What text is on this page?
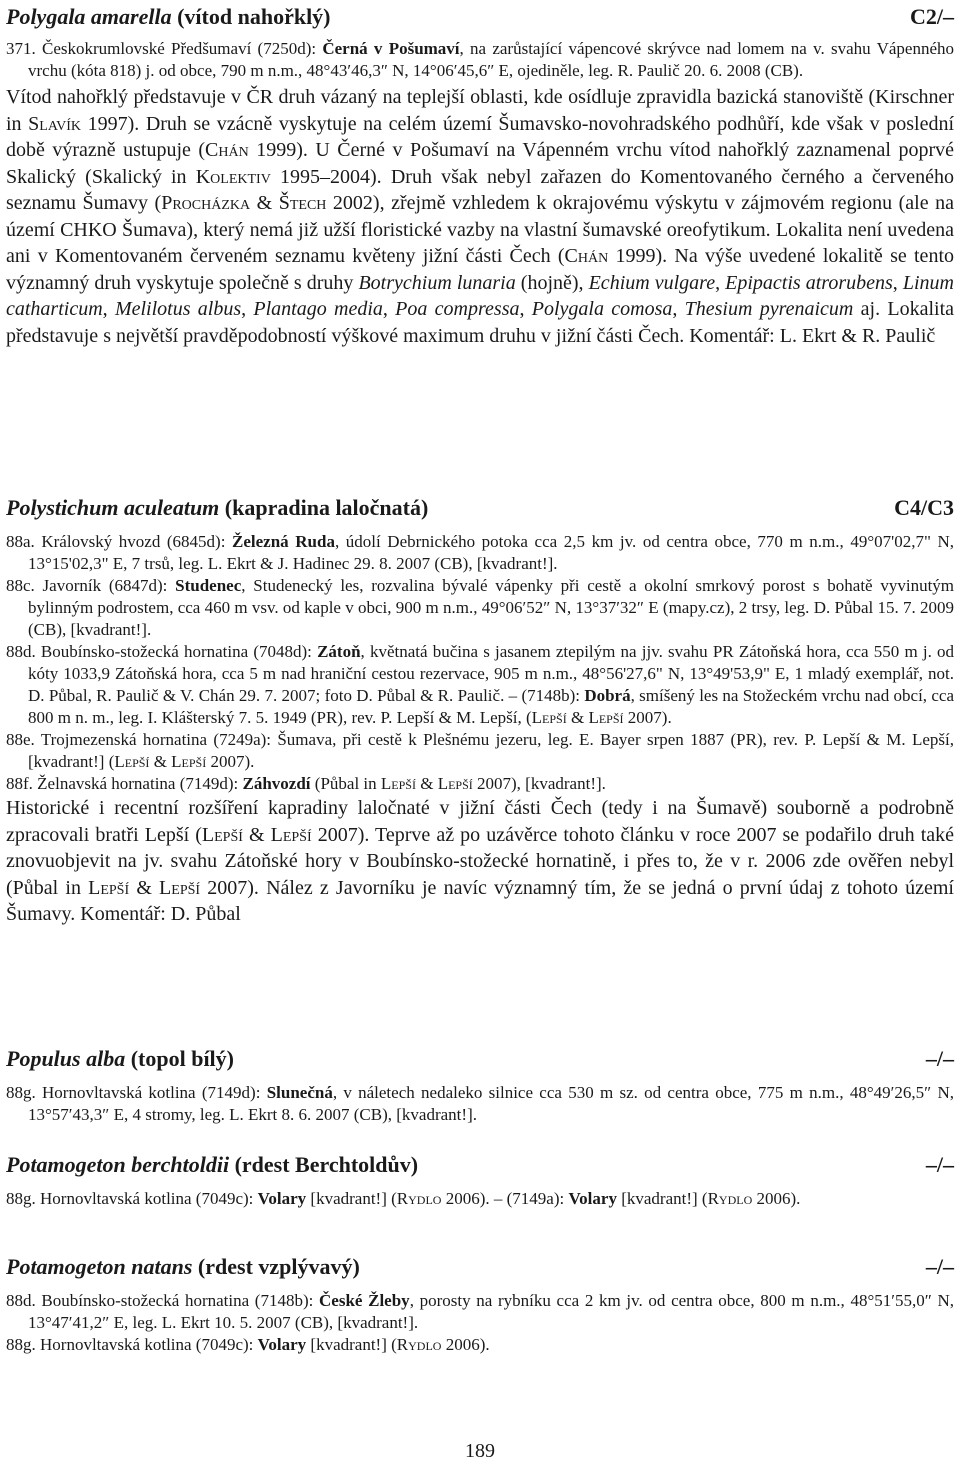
Polygala amarella (vítod nahořklý)	C2/–
371. Českokrumlovské Předšumaví (7250d): Černá v Pošumaví, na zarůstající vápencové skrývce nad lomem na v. svahu Vápenného vrchu (kóta 818) j. od obce, 790 m n.m., 48°43′46,3″ N, 14°06′45,6″ E, ojediněle, leg. R. Paulič 20. 6. 2008 (CB).
Vítod nahořklý představuje v ČR druh vázaný na teplejší oblasti, kde osídluje zpravidla bazická stanoviště (Kirschner in Slavík 1997). Druh se vzácně vyskytuje na celém území Šumavsko-novohradského podhůří, kde však v poslední době výrazně ustupuje (Chán 1999). U Černé v Pošumaví na Vápenném vrchu vítod nahořklý zaznamenal poprvé Skalický (Skalický in Kolektiv 1995–2004). Druh však nebyl zařazen do Komentovaného černého a červeného seznamu Šumavy (Procházka & Štech 2002), zřejmě vzhledem k okrajovému výskytu v zájmovém regionu (ale na území CHKO Šumava), který nemá již užší floristické vazby na vlastní šumavské oreofytikum. Lokalita není uvedena ani v Komentovaném červeném seznamu květeny jižní části Čech (Chán 1999). Na výše uvedené lokalitě se tento významný druh vyskytuje společně s druhy Botrychium lunaria (hojně), Echium vulgare, Epipactis atrorubens, Linum catharticum, Melilotus albus, Plantago media, Poa compressa, Polygala comosa, Thesium pyrenaicum aj. Lokalita představuje s největší pravděpodobností výškové maximum druhu v jižní části Čech. Komentář: L. Ekrt & R. Paulič
Polystichum aculeatum (kapradina laločnatá)	C4/C3
88a. Královský hvozd (6845d): Železná Ruda, údolí Debrnického potoka cca 2,5 km jv. od centra obce, 770 m n.m., 49°07'02,7" N, 13°15'02,3" E, 7 trsů, leg. L. Ekrt & J. Hadinec 29. 8. 2007 (CB), [kvadrant!].
88c. Javorník (6847d): Studenec, Studenecký les, rozvalina bývalé vápenky při cestě a okolní smrkový porost s bohatě vyvinutým bylinným podrostem, cca 460 m vsv. od kaple v obci, 900 m n.m., 49°06′52″ N, 13°37′32″ E (mapy.cz), 2 trsy, leg. D. Půbal 15. 7. 2009 (CB), [kvadrant!].
88d. Boubínsko-stožecká hornatina (7048d): Zátoň, květnatá bučina s jasanem ztepilým na jjv. svahu PR Zátoňská hora, cca 550 m j. od kóty 1033,9 Zátoňská hora, cca 5 m nad hraniční cestou rezervace, 905 m n.m., 48°56'27,6" N, 13°49'53,9" E, 1 mladý exemplář, not. D. Půbal, R. Paulič & V. Chán 29. 7. 2007; foto D. Půbal & R. Paulič. – (7148b): Dobrá, smíšený les na Stožeckém vrchu nad obcí, cca 800 m n. m., leg. I. Klášterský 7. 5. 1949 (PR), rev. P. Lepší & M. Lepší, (Lepší & Lepší 2007).
88e. Trojmezenská hornatina (7249a): Šumava, při cestě k Plešnému jezeru, leg. E. Bayer srpen 1887 (PR), rev. P. Lepší & M. Lepší, [kvadrant!] (Lepší & Lepší 2007).
88f. Želnavská hornatina (7149d): Záhvozdí (Půbal in Lepší & Lepší 2007), [kvadrant!].
Historické i recentní rozšíření kapradiny laločnaté v jižní části Čech (tedy i na Šumavě) souborně a podrobně zpracovali bratři Lepší (Lepší & Lepší 2007). Teprve až po uzávěrce tohoto článku v roce 2007 se podařilo druh také znovuobjevit na jv. svahu Zátoňské hory v Boubínsko-stožecké hornatině, i přes to, že v r. 2006 zde ověřen nebyl (Půbal in Lepší & Lepší 2007). Nález z Javorníku je navíc významný tím, že se jedná o první údaj z tohoto území Šumavy. Komentář: D. Půbal
Populus alba (topol bílý)	–/–
88g. Hornovltavská kotlina (7149d): Slunečná, v náletech nedaleko silnice cca 530 m sz. od centra obce, 775 m n.m., 48°49′26,5″ N, 13°57′43,3″ E, 4 stromy, leg. L. Ekrt 8. 6. 2007 (CB), [kvadrant!].
Potamogeton berchtoldii (rdest Berchtoldův)	–/–
88g. Hornovltavská kotlina (7049c): Volary [kvadrant!] (Rydlo 2006). – (7149a): Volary [kvadrant!] (Rydlo 2006).
Potamogeton natans (rdest vzplývavý)	–/–
88d. Boubínsko-stožecká hornatina (7148b): České Žleby, porosty na rybníku cca 2 km jv. od centra obce, 800 m n.m., 48°51′55,0″ N, 13°47′41,2″ E, leg. L. Ekrt 10. 5. 2007 (CB), [kvadrant!].
88g. Hornovltavská kotlina (7049c): Volary [kvadrant!] (Rydlo 2006).
189
